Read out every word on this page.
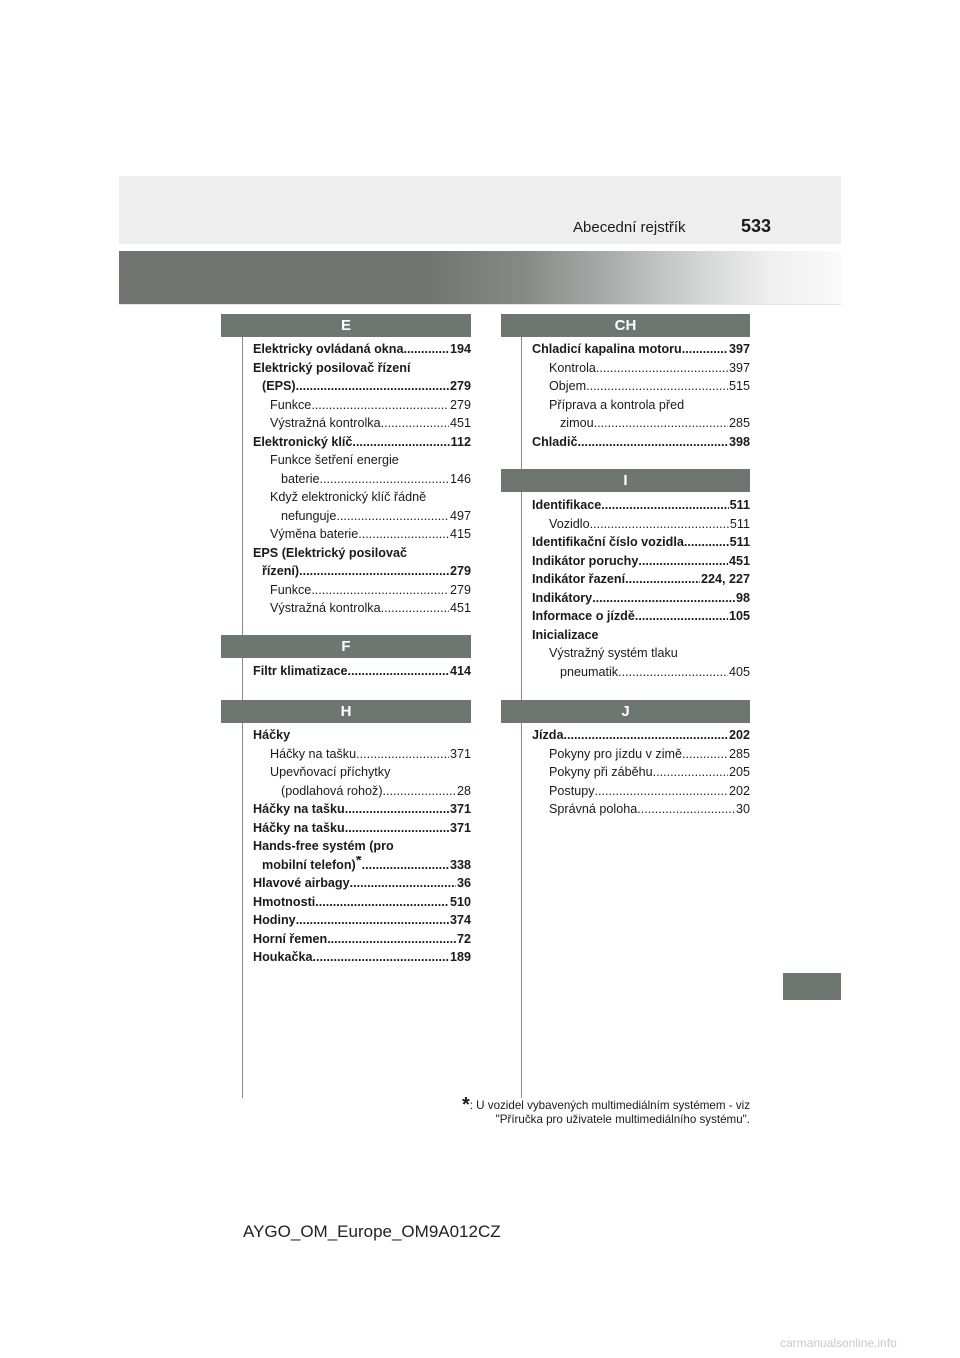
Abecední rejstřík	533
E
Elektricky ovládaná okna .....	194
Elektrický posilovač řízení
(EPS) .....	279
Funkce .....	279
Výstražná kontrolka .....	451
Elektronický klíč .....	112
Funkce šetření energie
baterie .....	146
Když elektronický klíč řádně
nefunguje .....	497
Výměna baterie .....	415
EPS (Elektrický posilovač
řízení) .....	279
Funkce .....	279
Výstražná kontrolka .....	451
F
Filtr klimatizace .....	414
H
Háčky
Háčky na tašku .....	371
Upevňovací příchytky
(podlahová rohož) .....	28
Háčky na tašku .....	371
Háčky na tašku .....	371
Hands-free systém (pro
mobilní telefon)* .....	338
Hlavové airbagy .....	36
Hmotnosti .....	510
Hodiny .....	374
Horní řemen .....	72
Houkačka .....	189
CH
Chladicí kapalina motoru .....	397
Kontrola .....	397
Objem .....	515
Příprava a kontrola před
zimou .....	285
Chladič .....	398
I
Identifikace .....	511
Vozidlo .....	511
Identifikační číslo vozidla .....	511
Indikátor poruchy .....	451
Indikátor řazení .....	224, 227
Indikátory .....	98
Informace o jízdě .....	105
Inicializace
Výstražný systém tlaku
pneumatik .....	405
J
Jízda .....	202
Pokyny pro jízdu v zimě .....	285
Pokyny při záběhu .....	205
Postupy .....	202
Správná poloha .....	30
*: U vozidel vybavených multimediálním systémem - viz
"Příručka pro uživatele multimediálního systému".
AYGO_OM_Europe_OM9A012CZ
carmanualsonline.info
